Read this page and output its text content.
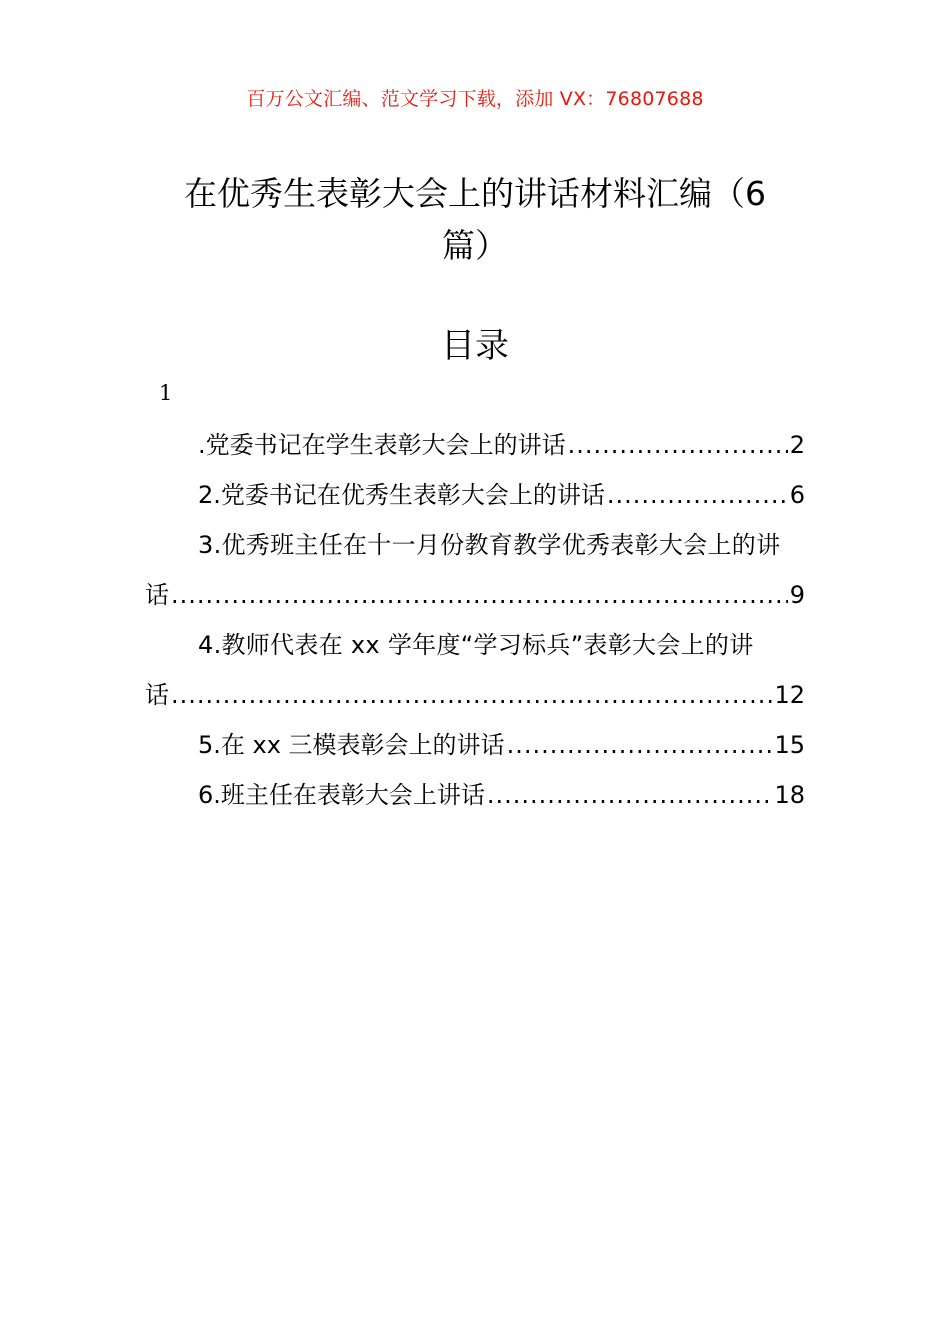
百万公文汇编、范文学习下载，添加 VX：76807688
在优秀生表彰大会上的讲话材料汇编（6
篇）
目录
1
.党委书记在学生表彰大会上的讲话 .....	2
2.党委书记在优秀生表彰大会上的讲话 .....	6
3.优秀班主任在十一月份教育教学优秀表彰大会上的讲
话 .....	9
4.教师代表在 xx 学年度“学习标兵”表彰大会上的讲
话 .....	12
5.在 xx 三模表彰会上的讲话 .....	15
6.班主任在表彰大会上讲话 .....	18
